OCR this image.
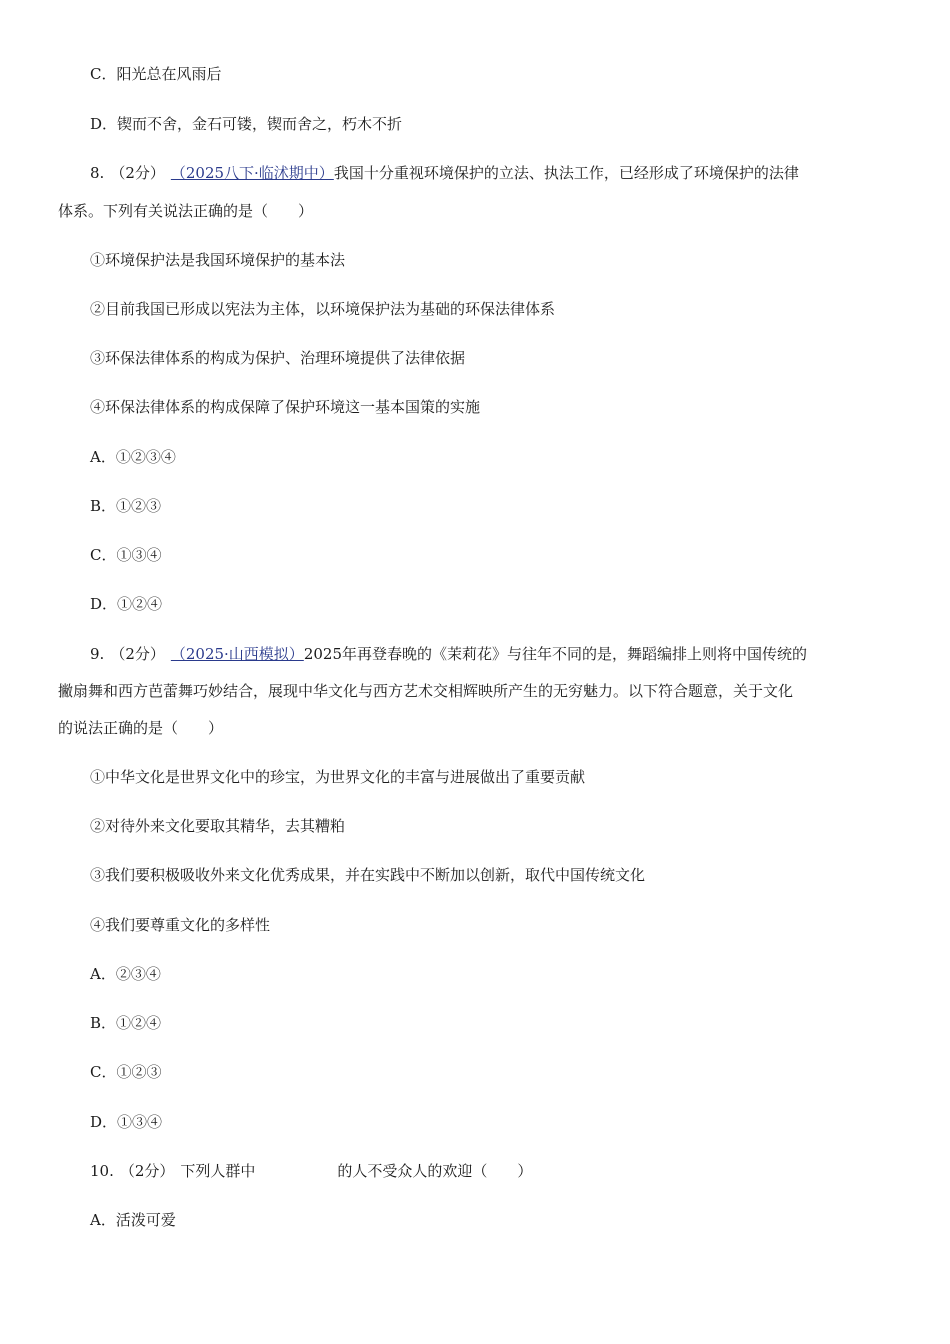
C．阳光总在风雨后
D．锲而不舍，金石可镂，锲而舍之，朽木不折
8. （2分） （2025八下·临沭期中）我国十分重视环境保护的立法、执法工作，已经形成了环境保护的法律
体系。下列有关说法正确的是（　　）
①环境保护法是我国环境保护的基本法
②目前我国已形成以宪法为主体，以环境保护法为基础的环保法律体系
③环保法律体系的构成为保护、治理环境提供了法律依据
④环保法律体系的构成保障了保护环境这一基本国策的实施
A．①②③④
B．①②③
C．①③④
D．①②④
9. （2分） （2025·山西模拟）2025年再登春晚的《茉莉花》与往年不同的是，舞蹈编排上则将中国传统的
撇扇舞和西方芭蕾舞巧妙结合，展现中华文化与西方艺术交相辉映所产生的无穷魅力。以下符合题意，关于文化
的说法正确的是（　　）
①中华文化是世界文化中的珍宝，为世界文化的丰富与进展做出了重要贡献
②对待外来文化要取其精华，去其糟粕
③我们要积极吸收外来文化优秀成果，并在实践中不断加以创新，取代中国传统文化
④我们要尊重文化的多样性
A．②③④
B．①②④
C．①②③
D．①③④
10. （2分） 下列人群中	的人不受众人的欢迎（　　）
A．活泼可爱
